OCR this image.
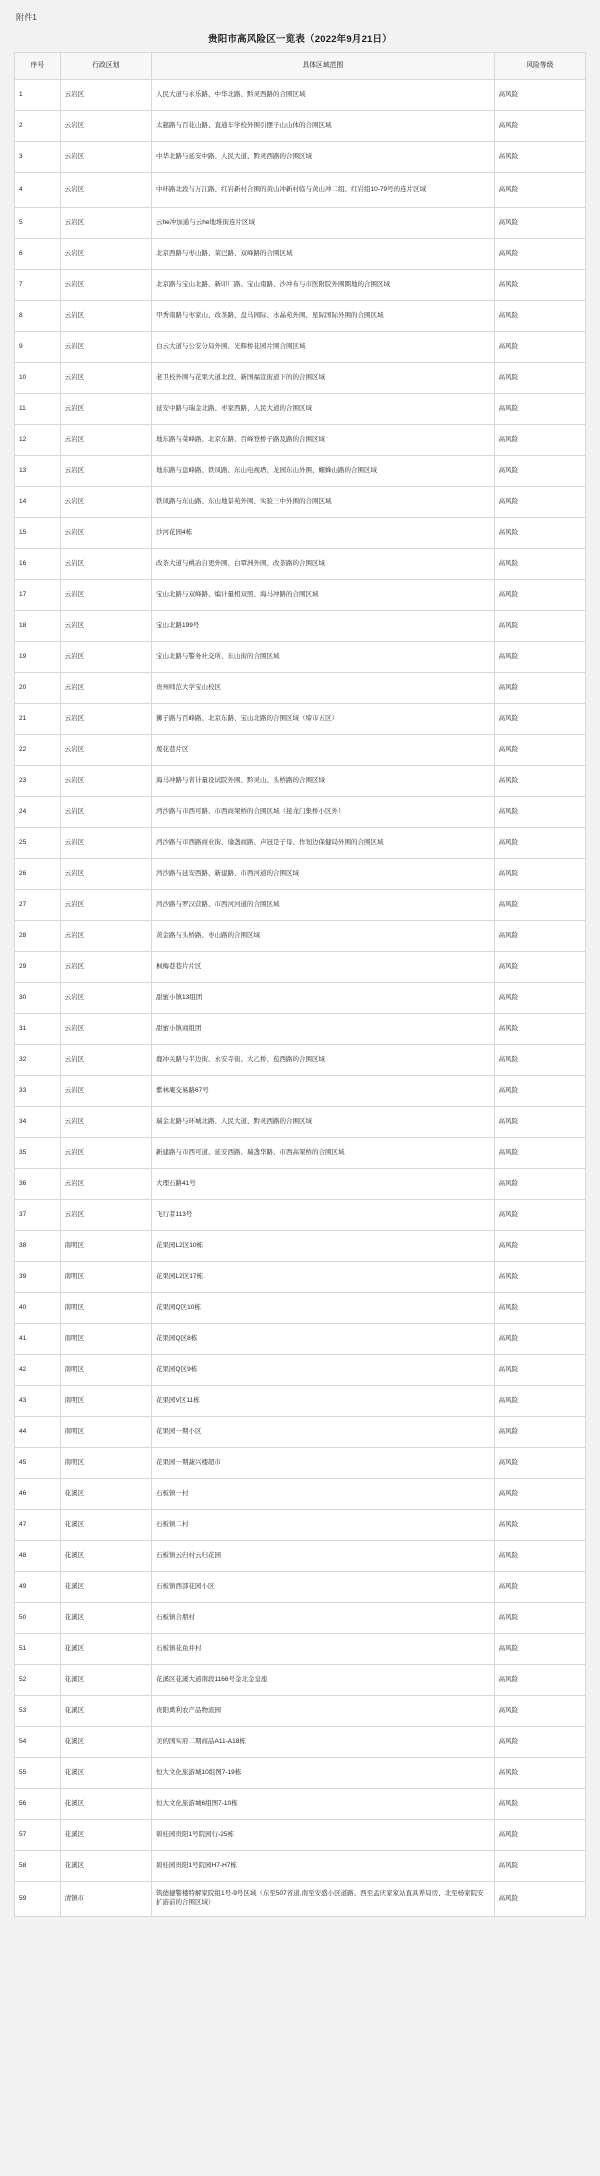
附件1
贵阳市高风险区一览表（2022年9月21日）
序号	行政区划	具体区域范围	风险等级
1	云岩区	人民大道与永乐路、中华北路、黔灵西路的合围区域	高风险
2	云岩区	太慈路与百花山路、直通车学校外围引摆子山山体的合围区域	高风险
3	云岩区	中华北路与延安中路、人民大道、黔灵西路的合围区域	高风险
4	云岩区	中环路北段与万江路、红岩新村合围的黄山冲新村临与黄山冲二组、红岩组10-79号的连片区域	高风险
5	云岩区	云he冲加通与云he地堆街连片区域	高风险
6	云岩区	北京西路与枣山路、菜巴路、双峰路的合围区域	高风险
7	云岩区	北京路与宝山北路、新印厂路、宝山南路、沙冲布与市医附院外围圈地的合围区域	高风险
8	云岩区	甲秀南路与枣家山、改茶路、盘马园际、水晶苑外围、星际国际外围的合围区域	高风险
9	云岩区	白云大道与公安分局外围、光辉桥花园片围合围区域	高风险
10	云岩区	老卫校外围与花果大道北段、新国福宣街道下的的合围区域	高风险
11	云岩区	延安中路与瑞金北路、枣家西路、人民大道的合围区域	高风险
12	云岩区	地东路与菜峰路、北京东路、百峰登桥子路及路的合围区域	高风险
13	云岩区	地东路与盘峰路、铁凤路、东山电视塔、龙园东山外围、螺蜂山路的合围区域	高风险
14	云岩区	铁凤路与东山路、东山地景苑外围、实验三中外围的合围区域	高风险
15	云岩区	沙河花园4栋	高风险
16	云岩区	改茶大道与桃冶自更外围、白覃洲外围、改茶路的合围区域	高风险
17	云岩区	宝山北路与双峰路、编计量相双照、海马冲路的合围区域	高风险
18	云岩区	宝山北路199号	高风险
19	云岩区	宝山北路与警务社交所、东山街的合围区域	高风险
20	云岩区	贵州师范大学宝山校区	高风险
21	云岩区	狮子路与百峰路、北京东路、宝山北路的合围区域（缔市五区）	高风险
22	云岩区	蔑花巷片区	高风险
23	云岩区	海马冲路与省计量设试院外围、黔灵山、头桥路的合围区域	高风险
24	云岩区	沔沙路与市西可路、市西商架桥的合围区域（接龙门集桥小区外）	高风险
25	云岩区	沔沙路与市西路商业街、瑜盏商路、声冠是子母、作划边保健局外围的合围区域	高风险
26	云岩区	沔沙路与延安西路、新建路、市西河道的合围区域	高风险
27	云岩区	沔沙路与罗汉营路、市西河河道的合围区域	高风险
28	云岩区	黄金路与头桥路、枣山路的合围区域	高风险
29	云岩区	枫梅巷巷片片区	高风险
30	云岩区	甜蜜小镇13组团	高风险
31	云岩区	甜蜜小镇商组团	高风险
32	云岩区	鹿冲关路与半边街、永安寺街、大乙桥、苞西路的合围区域	高风险
33	云岩区	紫林庵交易路67号	高风险
34	云岩区	瑞金北路与环城北路、人民大道、黔灵西路的合围区域	高风险
35	云岩区	新建路与市西可道、延安西路、瑞盏华路、市西高架桥的合围区域	高风险
36	云岩区	大理石路41号	高风险
37	云岩区	飞行者113号	高风险
38	南明区	花果园L2区10栋	高风险
39	南明区	花果园L2区17栋	高风险
40	南明区	花果园Q区10栋	高风险
41	南明区	花果园Q区8栋	高风险
42	南明区	花果园Q区9栋	高风险
43	南明区	花果园V区11栋	高风险
44	南明区	花果园一期小区	高风险
45	南明区	花果园一期蔬兴楼超市	高风险
46	花溪区	石板镇一村	高风险
47	花溪区	石板镇二村	高风险
48	花溪区	石板镇云归村云归花园	高风险
49	花溪区	石板镇西部花园小区	高风险
50	花溪区	石板镇合朋村	高风险
51	花溪区	石板镇花鱼井村	高风险
52	花溪区	花溪区花溪大道南段1166号金北金皇座	高风险
53	花溪区	贵阳禽利农产品物流园	高风险
54	花溪区	美的国实府二期商品A11-A18栋	高风险
55	花溪区	恒大文化旅游城10组图7-19栋	高风险
56	花溪区	恒大文化旅游城6组图7-10栋	高风险
57	花溪区	碧桂园贵阳1号院园行-25栋	高风险
58	花溪区	碧桂园贵阳1号院园H7-H7栋	高风险
59	清镇市	筑德捷警楼特解家院组1号-9号区域（东至507省道,南至安盛小区道路、西至孟庆家家站直具养局房、北至杨家院安扩游前的合围区域）	高风险
